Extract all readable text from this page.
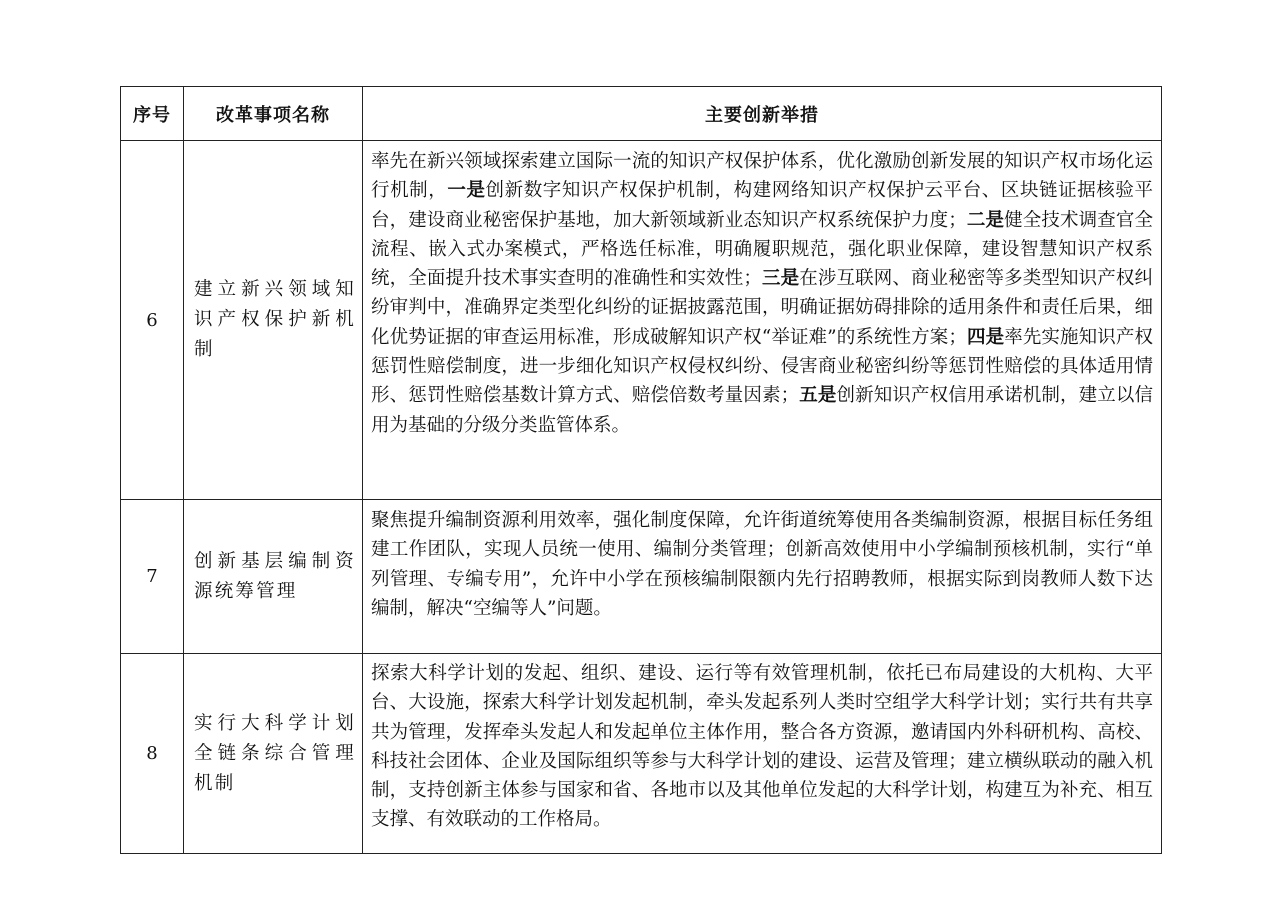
序号	改革事项名称	主要创新举措
6	建立新兴领域知识产权保护新机制	率先在新兴领域探索建立国际一流的知识产权保护体系，优化激励创新发展的知识产权市场化运行机制，一是创新数字知识产权保护机制，构建网络知识产权保护云平台、区块链证据核验平台，建设商业秘密保护基地，加大新领域新业态知识产权系统保护力度；二是健全技术调查官全流程、嵌入式办案模式，严格选任标准，明确履职规范，强化职业保障，建设智慧知识产权系统，全面提升技术事实查明的准确性和实效性；三是在涉互联网、商业秘密等多类型知识产权纠纷审判中，准确界定类型化纠纷的证据披露范围，明确证据妨碍排除的适用条件和责任后果，细化优势证据的审查运用标准，形成破解知识产权“举证难”的系统性方案；四是率先实施知识产权惩罚性赔偿制度，进一步细化知识产权侵权纠纷、侵害商业秘密纠纷等惩罚性赔偿的具体适用情形、惩罚性赔偿基数计算方式、赔偿倍数考量因素；五是创新知识产权信用承诺机制，建立以信用为基础的分级分类监管体系。
7	创新基层编制资源统筹管理	聚焦提升编制资源利用效率，强化制度保障，允许街道统筹使用各类编制资源，根据目标任务组建工作团队，实现人员统一使用、编制分类管理；创新高效使用中小学编制预核机制，实行“单列管理、专编专用”，允许中小学在预核编制限额内先行招聘教师，根据实际到岗教师人数下达编制，解决“空编等人”问题。
8	实行大科学计划全链条综合管理机制	探索大科学计划的发起、组织、建设、运行等有效管理机制，依托已布局建设的大机构、大平台、大设施，探索大科学计划发起机制，牵头发起系列人类时空组学大科学计划；实行共有共享共为管理，发挥牵头发起人和发起单位主体作用，整合各方资源，邀请国内外科研机构、高校、科技社会团体、企业及国际组织等参与大科学计划的建设、运营及管理；建立横纵联动的融入机制，支持创新主体参与国家和省、各地市以及其他单位发起的大科学计划，构建互为补充、相互支撑、有效联动的工作格局。
